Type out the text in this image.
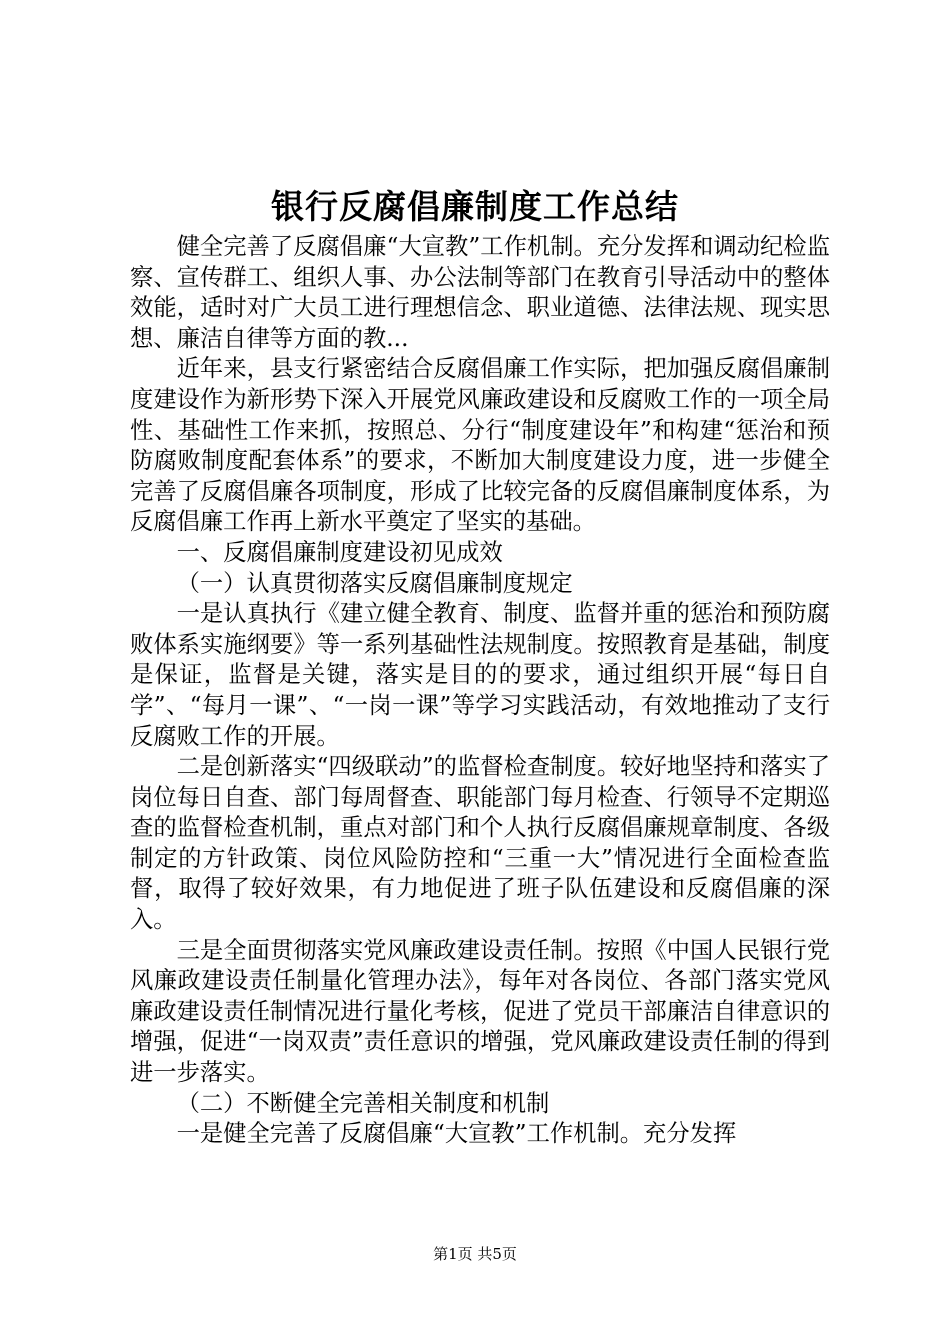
银行反腐倡廉制度工作总结

健全完善了反腐倡廉“大宣教”工作机制。充分发挥和调动纪检监察、宣传群工、组织人事、办公法制等部门在教育引导活动中的整体效能，适时对广大员工进行理想信念、职业道德、法律法规、现实思想、廉洁自律等方面的教...

近年来，县支行紧密结合反腐倡廉工作实际，把加强反腐倡廉制度建设作为新形势下深入开展党风廉政建设和反腐败工作的一项全局性、基础性工作来抓，按照总、分行“制度建设年”和构建“惩治和预防腐败制度配套体系”的要求，不断加大制度建设力度，进一步健全完善了反腐倡廉各项制度，形成了比较完备的反腐倡廉制度体系，为反腐倡廉工作再上新水平奠定了坚实的基础。

一、反腐倡廉制度建设初见成效

（一）认真贯彻落实反腐倡廉制度规定

一是认真执行《建立健全教育、制度、监督并重的惩治和预防腐败体系实施纲要》等一系列基础性法规制度。按照教育是基础，制度是保证，监督是关键，落实是目的的要求，通过组织开展“每日自学”、“每月一课”、“一岗一课”等学习实践活动，有效地推动了支行反腐败工作的开展。

二是创新落实“四级联动”的监督检查制度。较好地坚持和落实了岗位每日自查、部门每周督查、职能部门每月检查、行领导不定期巡查的监督检查机制，重点对部门和个人执行反腐倡廉规章制度、各级制定的方针政策、岗位风险防控和“三重一大”情况进行全面检查监督，取得了较好效果，有力地促进了班子队伍建设和反腐倡廉的深入。

三是全面贯彻落实党风廉政建设责任制。按照《中国人民银行党风廉政建设责任制量化管理办法》，每年对各岗位、各部门落实党风廉政建设责任制情况进行量化考核，促进了党员干部廉洁自律意识的增强，促进“一岗双责”责任意识的增强，党风廉政建设责任制的得到进一步落实。

（二）不断健全完善相关制度和机制

一是健全完善了反腐倡廉“大宣教”工作机制。充分发挥

第1页 共5页
